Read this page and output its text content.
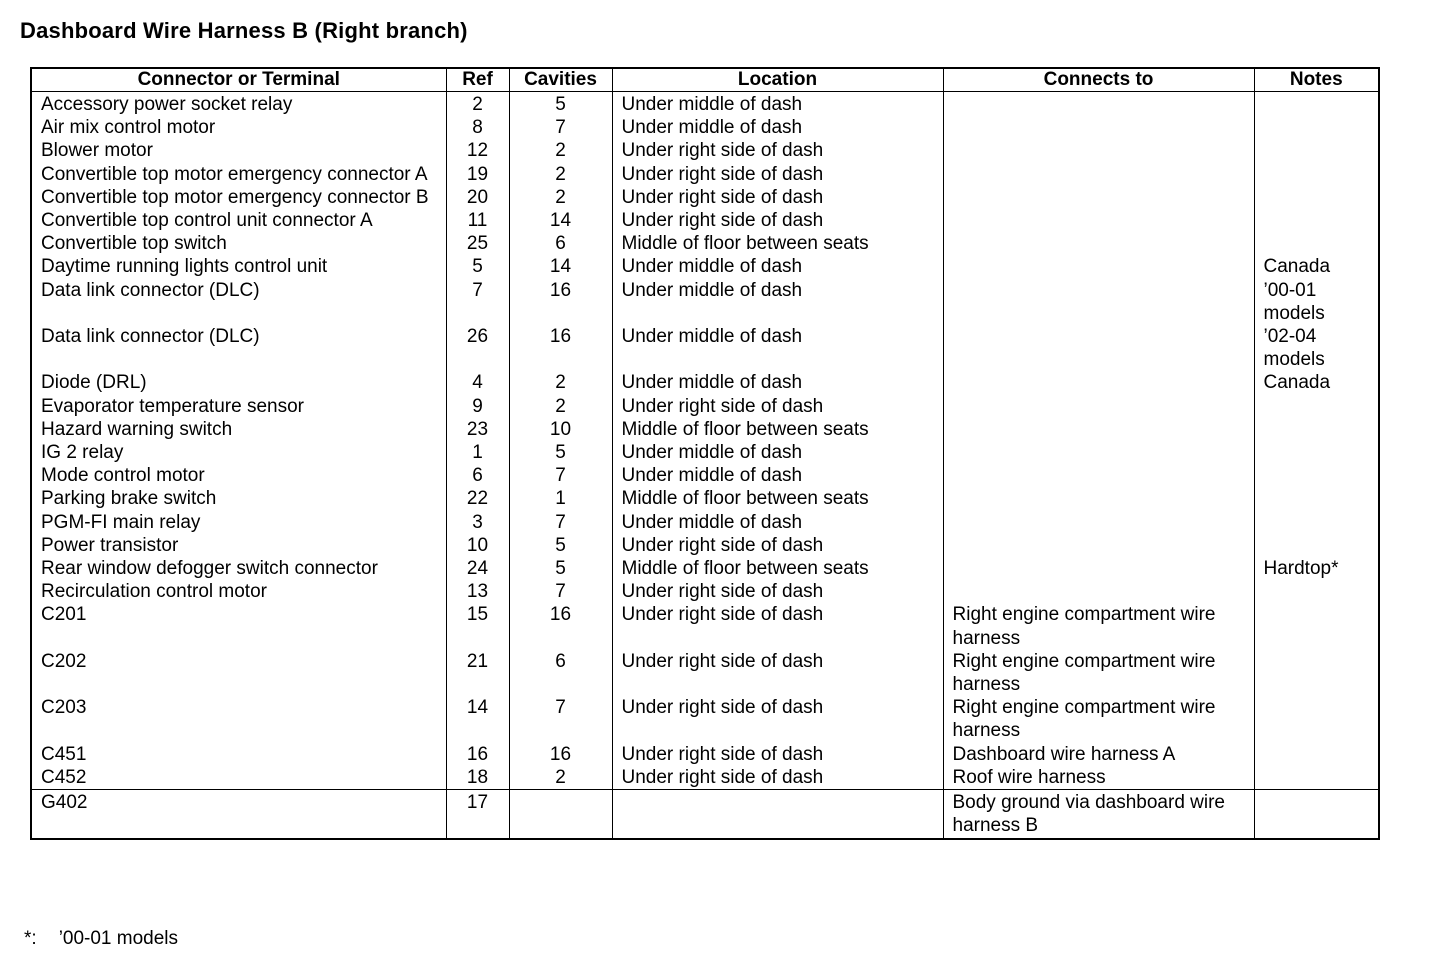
Dashboard Wire Harness B (Right branch)
Connector or Terminal	Ref	Cavities	Location	Connects to	Notes
Accessory power socket relay	2	5	Under middle of dash		
Air mix control motor	8	7	Under middle of dash		
Blower motor	12	2	Under right side of dash		
Convertible top motor emergency connector A	19	2	Under right side of dash		
Convertible top motor emergency connector B	20	2	Under right side of dash		
Convertible top control unit connector A	11	14	Under right side of dash		
Convertible top switch	25	6	Middle of floor between seats		
Daytime running lights control unit	5	14	Under middle of dash		Canada
Data link connector (DLC)	7	16	Under middle of dash		’00-01 models
Data link connector (DLC)	26	16	Under middle of dash		’02-04 models
Diode (DRL)	4	2	Under middle of dash		Canada
Evaporator temperature sensor	9	2	Under right side of dash		
Hazard warning switch	23	10	Middle of floor between seats		
IG 2 relay	1	5	Under middle of dash		
Mode control motor	6	7	Under middle of dash		
Parking brake switch	22	1	Middle of floor between seats		
PGM-FI main relay	3	7	Under middle of dash		
Power transistor	10	5	Under right side of dash		
Rear window defogger switch connector	24	5	Middle of floor between seats		Hardtop*
Recirculation control motor	13	7	Under right side of dash		
C201	15	16	Under right side of dash	Right engine compartment wire harness	
C202	21	6	Under right side of dash	Right engine compartment wire harness	
C203	14	7	Under right side of dash	Right engine compartment wire harness	
C451	16	16	Under right side of dash	Dashboard wire harness A	
C452	18	2	Under right side of dash	Roof wire harness	
G402	17			Body ground via dashboard wire harness B	
*: ’00-01 models
